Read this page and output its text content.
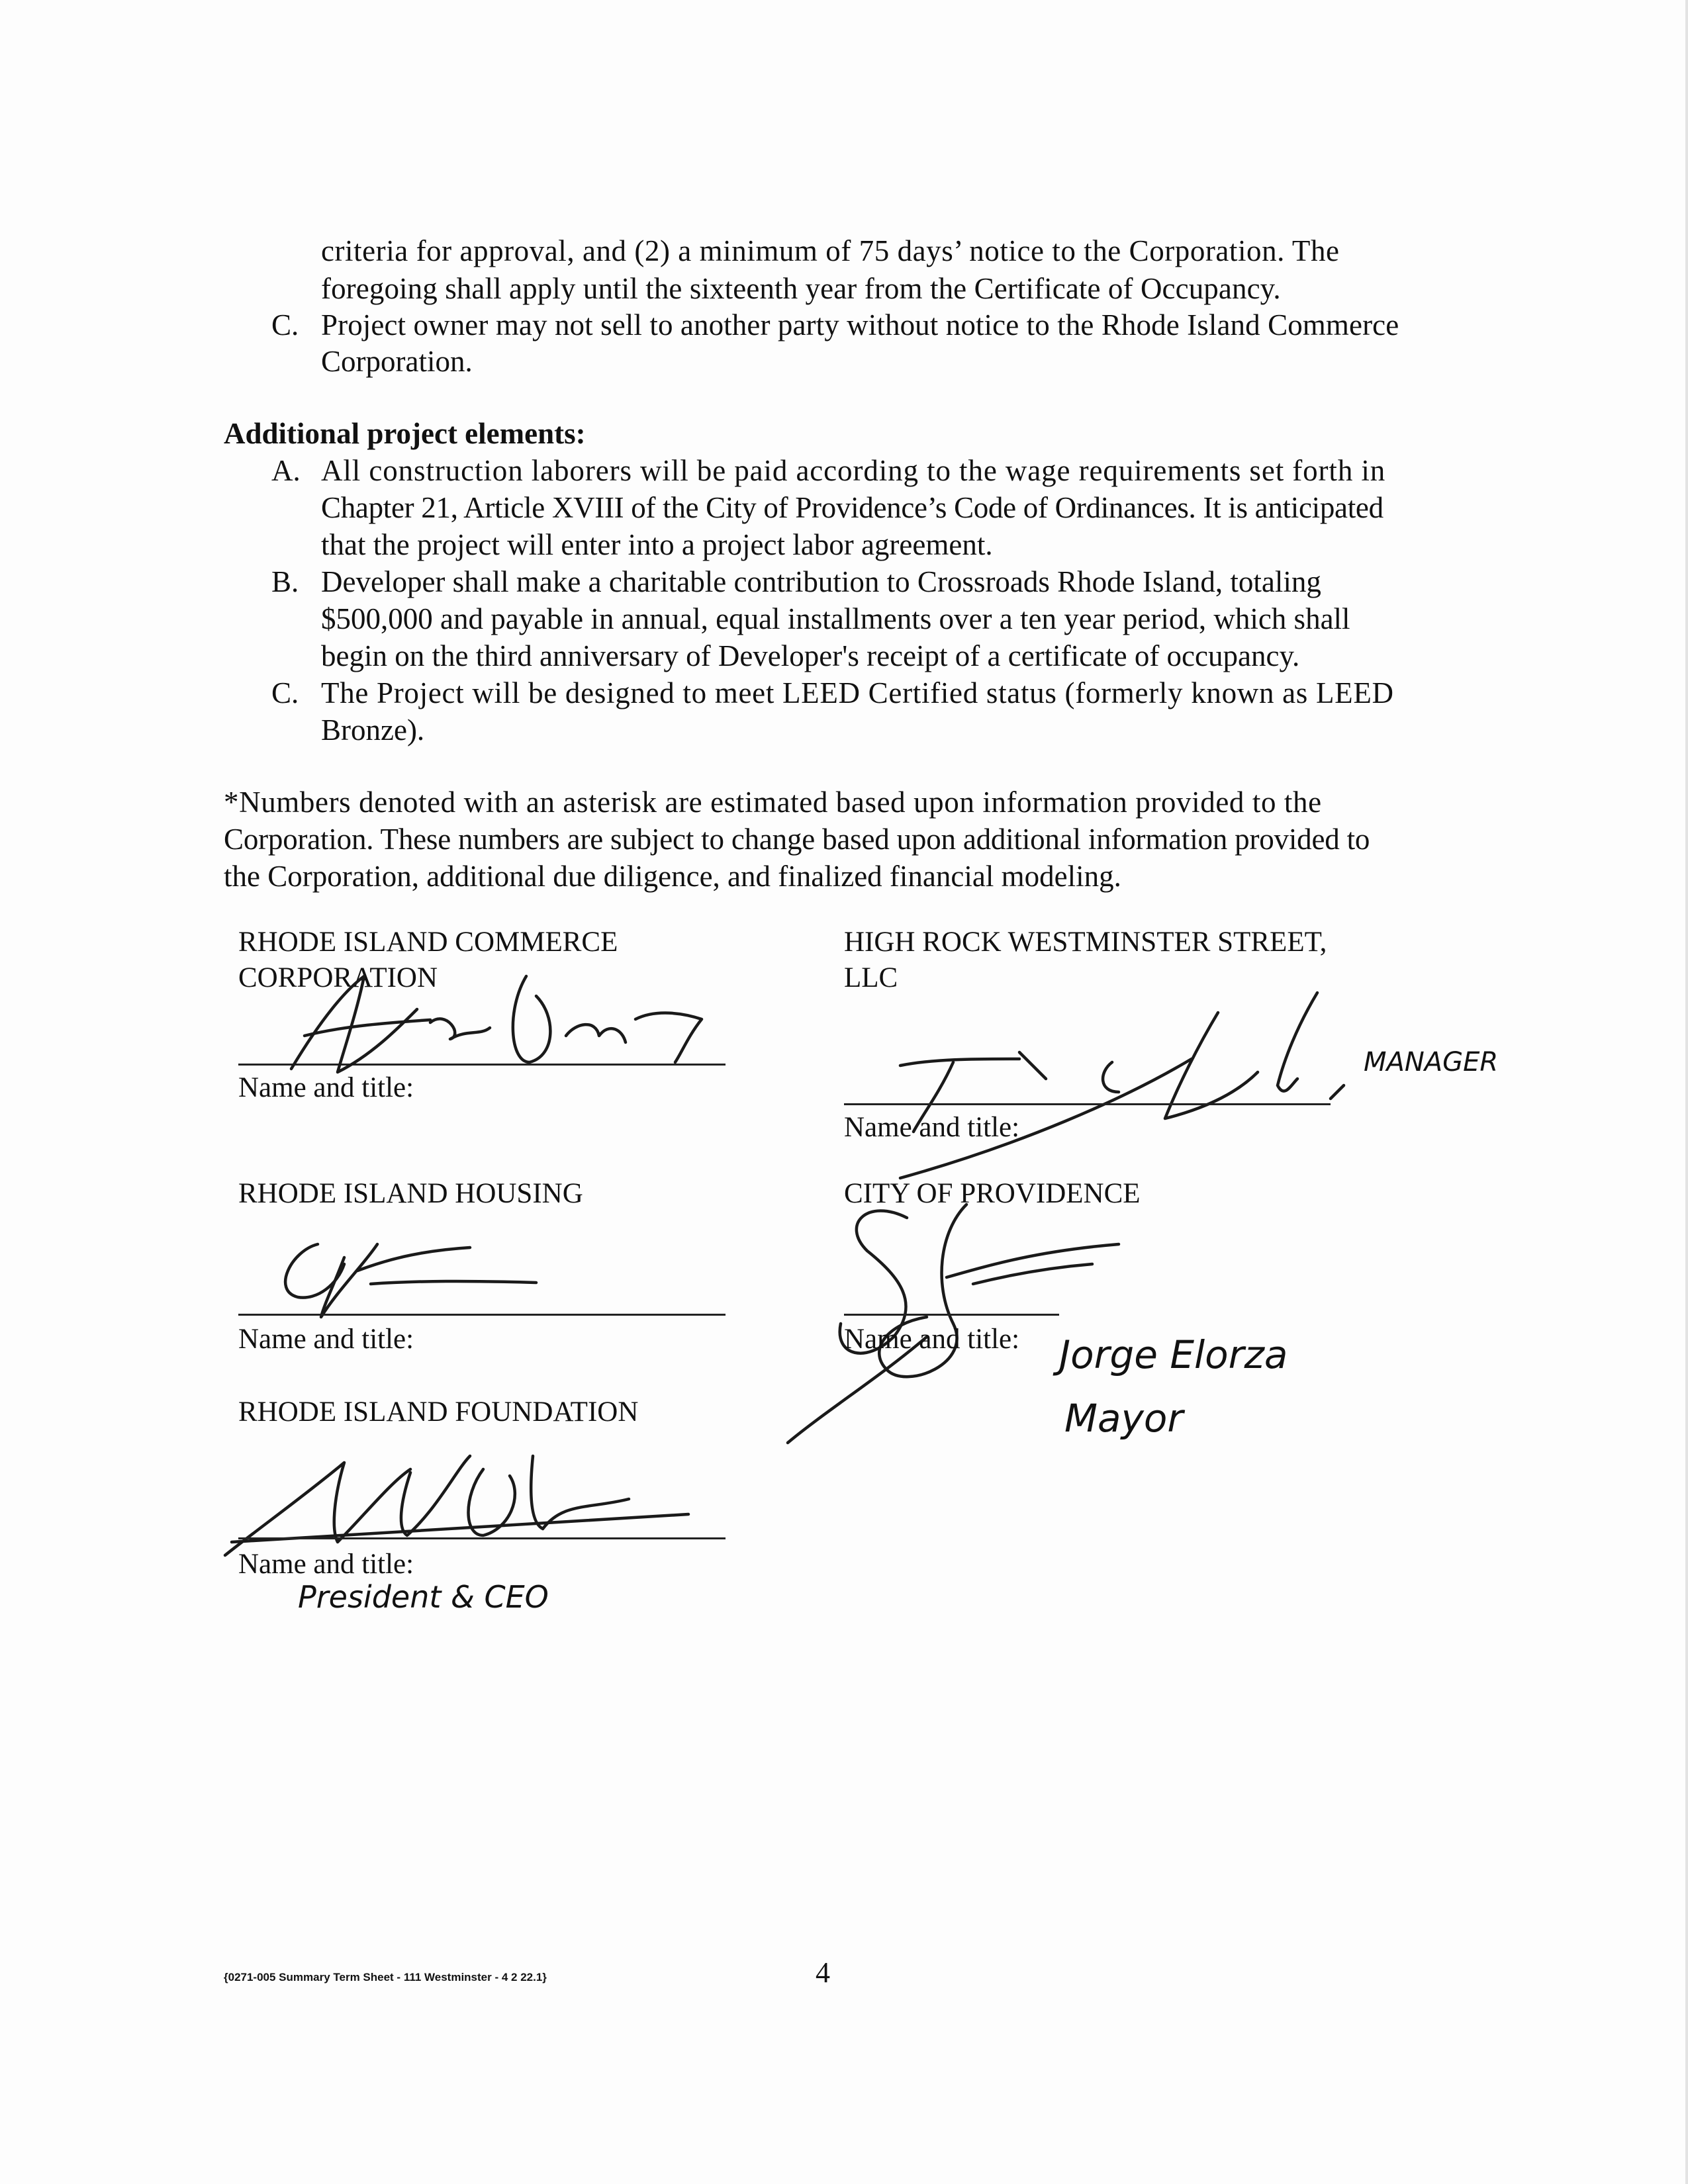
criteria for approval, and (2) a minimum of 75 days’ notice to the Corporation. The
foregoing shall apply until the sixteenth year from the Certificate of Occupancy.
C. Project owner may not sell to another party without notice to the Rhode Island Commerce
Corporation.
Additional project elements:
A. All construction laborers will be paid according to the wage requirements set forth in
Chapter 21, Article XVIII of the City of Providence’s Code of Ordinances. It is anticipated
that the project will enter into a project labor agreement.
B. Developer shall make a charitable contribution to Crossroads Rhode Island, totaling
$500,000 and payable in annual, equal installments over a ten year period, which shall
begin on the third anniversary of Developer's receipt of a certificate of occupancy.
C. The Project will be designed to meet LEED Certified status (formerly known as LEED
Bronze).
*Numbers denoted with an asterisk are estimated based upon information provided to the
Corporation. These numbers are subject to change based upon additional information provided to
the Corporation, additional due diligence, and finalized financial modeling.
RHODE ISLAND COMMERCE
CORPORATION
Name and title:
RHODE ISLAND HOUSING
Name and title:
RHODE ISLAND FOUNDATION
Name and title:
President & CEO
HIGH ROCK WESTMINSTER STREET,
LLC
MANAGER
Name and title:
CITY OF PROVIDENCE
Name and title: Jorge Elorza
Mayor
{0271-005 Summary Term Sheet - 111 Westminster - 4 2 22.1}	4
